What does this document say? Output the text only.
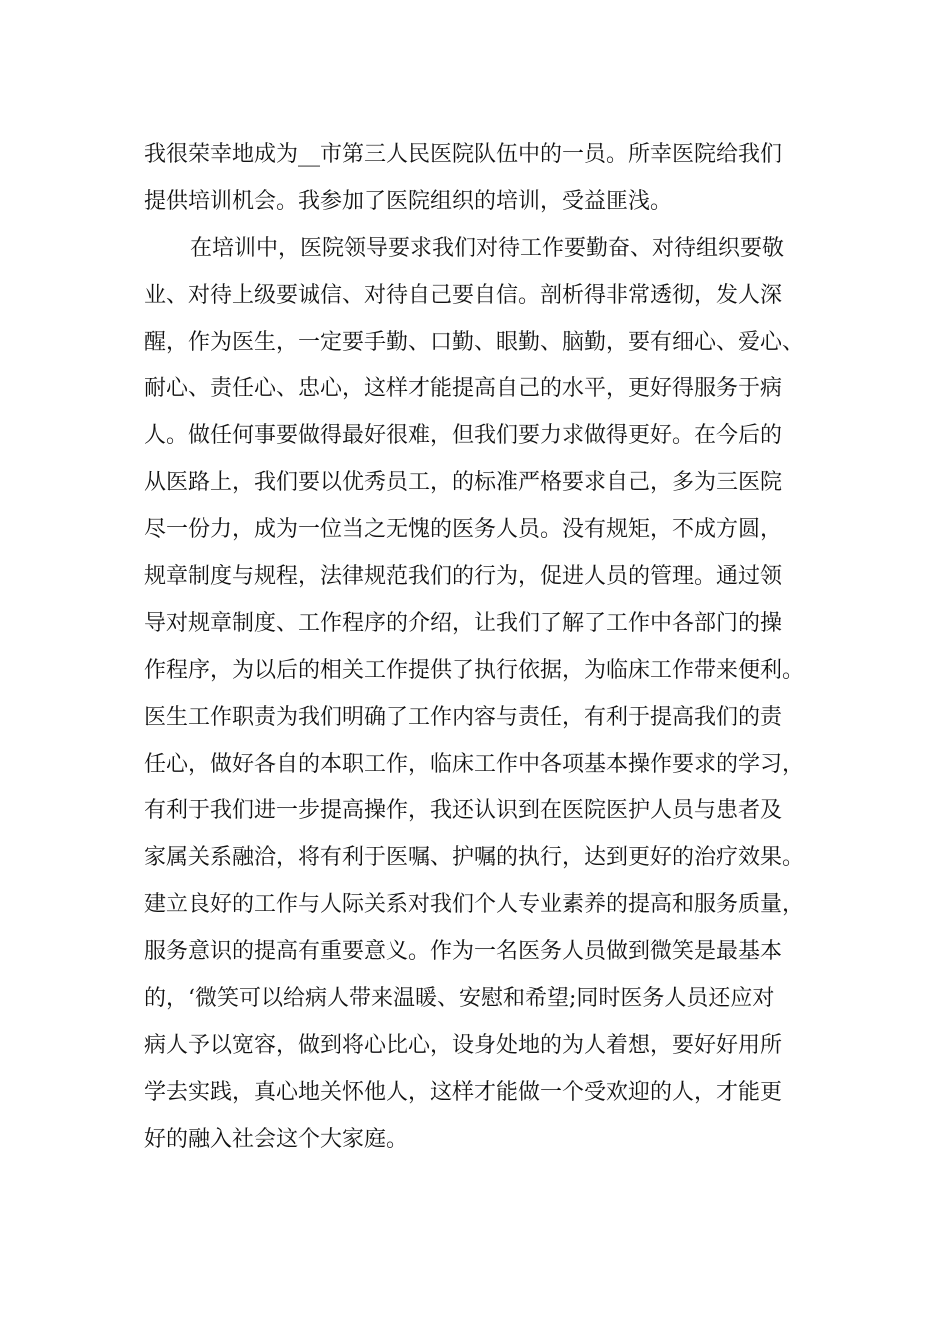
我很荣幸地成为__市第三人民医院队伍中的一员。所幸医院给我们
提供培训机会。我参加了医院组织的培训，受益匪浅。
在培训中，医院领导要求我们对待工作要勤奋、对待组织要敬
业、对待上级要诚信、对待自己要自信。剖析得非常透彻，发人深
醒，作为医生，一定要手勤、口勤、眼勤、脑勤，要有细心、爱心、
耐心、责任心、忠心，这样才能提高自己的水平，更好得服务于病
人。做任何事要做得最好很难，但我们要力求做得更好。在今后的
从医路上，我们要以优秀员工，的标准严格要求自己，多为三医院
尽一份力，成为一位当之无愧的医务人员。没有规矩，不成方圆，
规章制度与规程，法律规范我们的行为，促进人员的管理。通过领
导对规章制度、工作程序的介绍，让我们了解了工作中各部门的操
作程序，为以后的相关工作提供了执行依据，为临床工作带来便利。
医生工作职责为我们明确了工作内容与责任，有利于提高我们的责
任心，做好各自的本职工作，临床工作中各项基本操作要求的学习，
有利于我们进一步提高操作，我还认识到在医院医护人员与患者及
家属关系融洽，将有利于医嘱、护嘱的执行，达到更好的治疗效果。
建立良好的工作与人际关系对我们个人专业素养的提高和服务质量，
服务意识的提高有重要意义。作为一名医务人员做到微笑是最基本
的，‘微笑可以给病人带来温暖、安慰和希望;同时医务人员还应对
病人予以宽容，做到将心比心，设身处地的为人着想，要好好用所
学去实践，真心地关怀他人，这样才能做一个受欢迎的人，才能更
好的融入社会这个大家庭。
